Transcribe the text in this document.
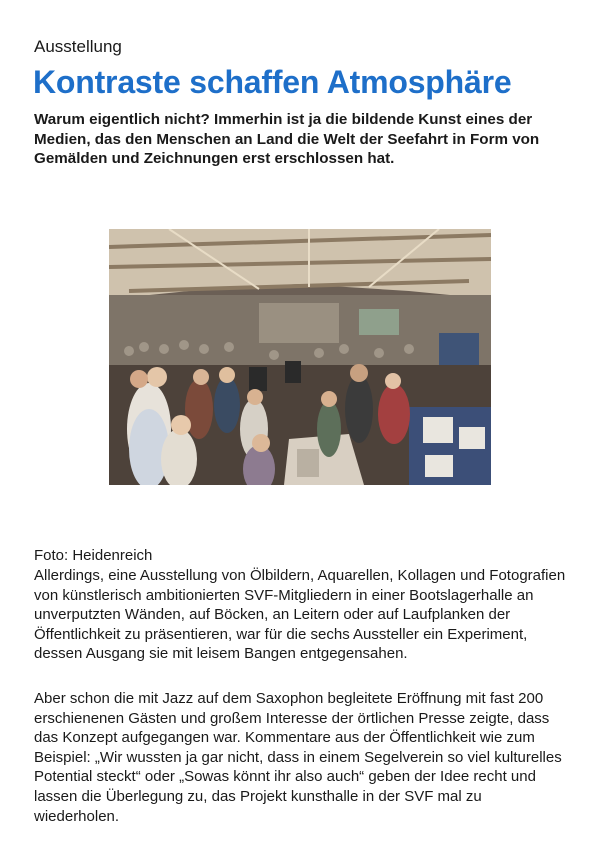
Ausstellung
Kontraste schaffen Atmosphäre
Warum eigentlich nicht? Immerhin ist ja die bildende Kunst eines der Medien, das den Menschen an Land die Welt der Seefahrt in Form von Gemälden und Zeichnungen erst erschlossen hat.
Foto: Heidenreich

Allerdings, eine Ausstellung von Ölbildern, Aquarellen, Kollagen und Fotografien von künstlerisch ambitionierten SVF-Mitgliedern in einer Bootslagerhalle an unverputzten Wänden, auf Böcken, an Leitern oder auf Laufplanken der Öffentlichkeit zu präsentieren, war für die sechs Aussteller ein Experiment, dessen Ausgang sie mit leisem Bangen entgegensahen.

Aber schon die mit Jazz auf dem Saxophon begleitete Eröffnung mit fast 200 erschienenen Gästen und großem Interesse der örtlichen Presse zeigte, dass das Konzept aufgegangen war. Kommentare aus der Öffentlichkeit wie zum Beispiel: „Wir wussten ja gar nicht, dass in einem Segelverein so viel kulturelles Potential steckt“ oder „Sowas könnt ihr also auch“ geben der Idee recht und lassen die Überlegung zu, das Projekt kunsthalle in der SVF mal zu wiederholen.
